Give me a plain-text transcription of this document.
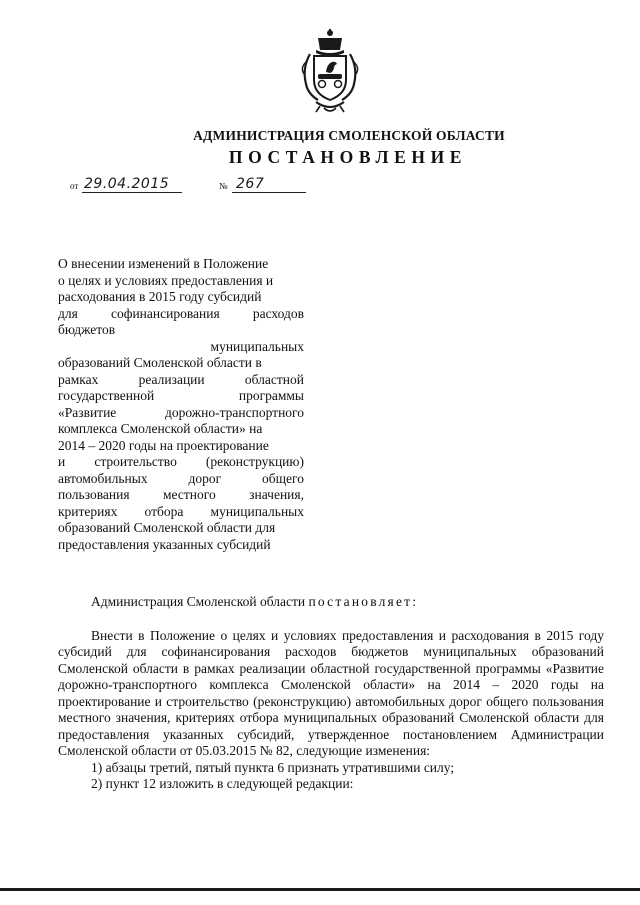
АДМИНИСТРАЦИЯ СМОЛЕНСКОЙ ОБЛАСТИ
ПОСТАНОВЛЕНИЕ
от 29.04.2015	№ 267
О внесении изменений в Положение
о целях и условиях предоставления и
расходования в 2015 году субсидий
для софинансирования расходов
бюджетов
муниципальных
образований Смоленской области в
рамках реализации областной
государственной программы
«Развитие дорожно-транспортного
комплекса Смоленской области» на
2014 – 2020 годы на проектирование
и строительство (реконструкцию)
автомобильных дорог общего
пользования местного значения,
критериях отбора муниципальных
образований Смоленской области для
предоставления указанных субсидий

Администрация Смоленской области постановляет:

Внести в Положение о целях и условиях предоставления и расходования в 2015 году субсидий для софинансирования расходов бюджетов муниципальных образований Смоленской области в рамках реализации областной государственной программы «Развитие дорожно-транспортного комплекса Смоленской области» на 2014 – 2020 годы на проектирование и строительство (реконструкцию) автомобильных дорог общего пользования местного значения, критериях отбора муниципальных образований Смоленской области для предоставления указанных субсидий, утвержденное постановлением Администрации Смоленской области от 05.03.2015 № 82, следующие изменения:

1) абзацы третий, пятый пункта 6 признать утратившими силу;

2) пункт 12 изложить в следующей редакции:
